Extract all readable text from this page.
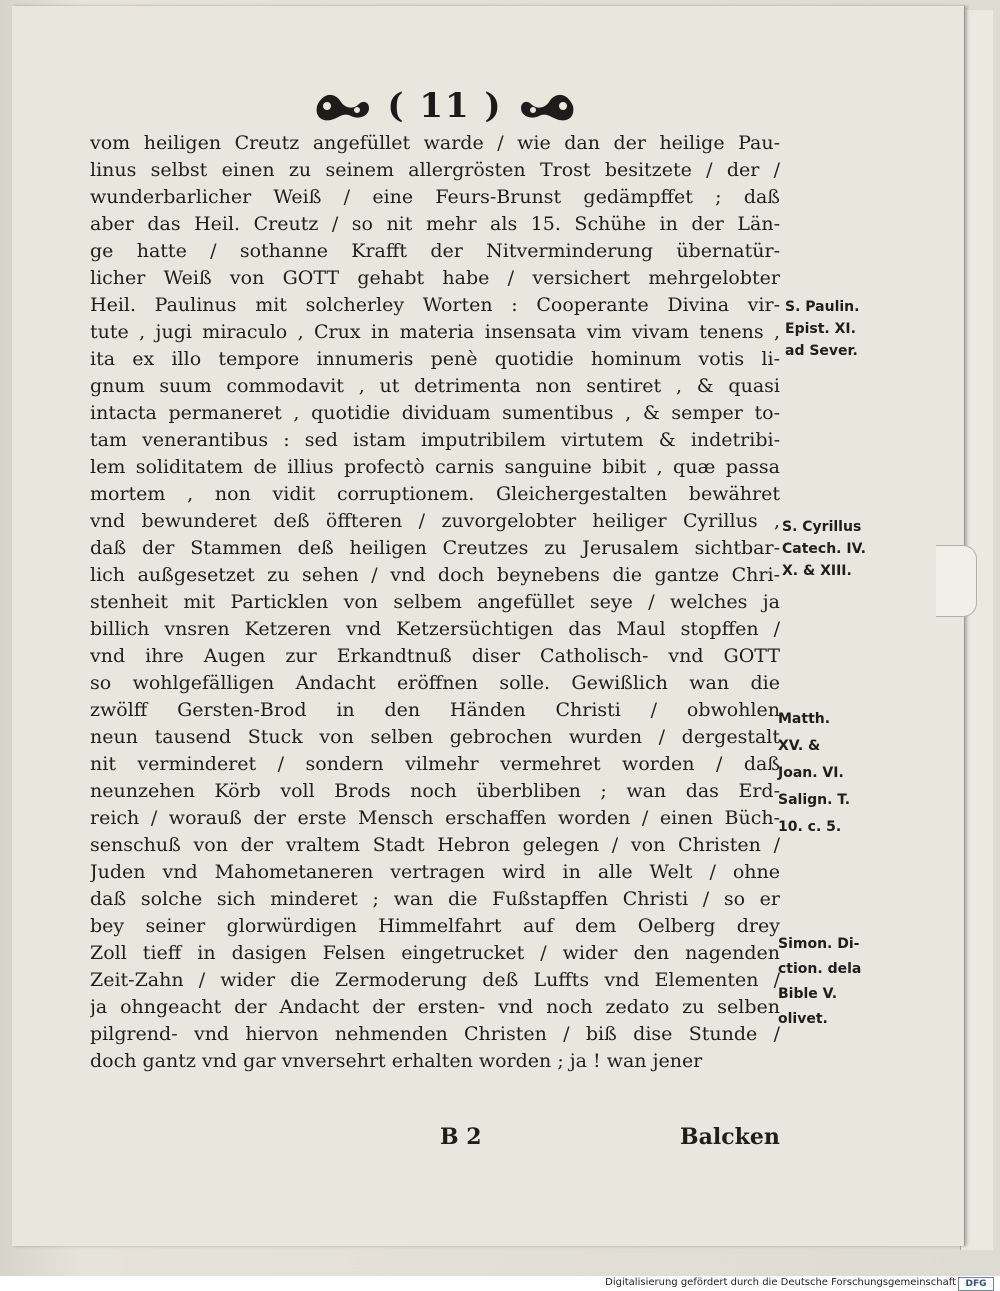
( 11 )
vom heiligen Creutz angefüllet warde / wie dan der heilige Pau-
linus selbst einen zu seinem allergrösten Trost besitzete / der /
wunderbarlicher Weiß / eine Feurs-Brunst gedämpffet ; daß
aber das Heil. Creutz / so nit mehr als 15. Schühe in der Län-
ge hatte / sothanne Krafft der Nitverminderung übernatür-
licher Weiß von GOTT gehabt habe / versichert mehrgelobter
Heil. Paulinus mit solcherley Worten : Cooperante Divina vir-
tute , jugi miraculo , Crux in materia insensata vim vivam tenens ,
ita ex illo tempore innumeris penè quotidie hominum votis li-
gnum suum commodavit , ut detrimenta non sentiret , & quasi
intacta permaneret , quotidie dividuam sumentibus , & semper to-
tam venerantibus : sed istam imputribilem virtutem & indetribi-
lem soliditatem de illius profectò carnis sanguine bibit , quæ passa
mortem , non vidit corruptionem. Gleichergestalten bewähret
vnd bewunderet deß öffteren / zuvorgelobter heiliger Cyrillus ,
daß der Stammen deß heiligen Creutzes zu Jerusalem sichtbar-
lich außgesetzet zu sehen / vnd doch beynebens die gantze Chri-
stenheit mit Particklen von selbem angefüllet seye / welches ja
billich vnsren Ketzeren vnd Ketzersüchtigen das Maul stopffen /
vnd ihre Augen zur Erkandtnuß diser Catholisch- vnd GOTT
so wohlgefälligen Andacht eröffnen solle. Gewißlich wan die
zwölff Gersten-Brod in den Händen Christi / obwohlen
neun tausend Stuck von selben gebrochen wurden / dergestalt
nit verminderet / sondern vilmehr vermehret worden / daß
neunzehen Körb voll Brods noch überbliben ; wan das Erd-
reich / worauß der erste Mensch erschaffen worden / einen Büch-
senschuß von der vraltem Stadt Hebron gelegen / von Christen /
Juden vnd Mahometaneren vertragen wird in alle Welt / ohne
daß solche sich minderet ; wan die Fußstapffen Christi / so er
bey seiner glorwürdigen Himmelfahrt auf dem Oelberg drey
Zoll tieff in dasigen Felsen eingetrucket / wider den nagenden
Zeit-Zahn / wider die Zermoderung deß Luffts vnd Elementen /
ja ohngeacht der Andacht der ersten- vnd noch zedato zu selben
pilgrend- vnd hiervon nehmenden Christen / biß dise Stunde /
doch gantz vnd gar vnversehrt erhalten worden ; ja ! wan jener
S. Paulin.
Epist. XI.
ad Sever.
S. Cyrillus
Catech. IV.
X. & XIII.
Matth.
XV. &
Joan. VI.
Salign. T.
10. c. 5.
Simon. Di-
ction. dela
Bible V.
olivet.
B 2	Balcken
Digitalisierung gefördert durch die Deutsche Forschungsgemeinschaft	DFG
